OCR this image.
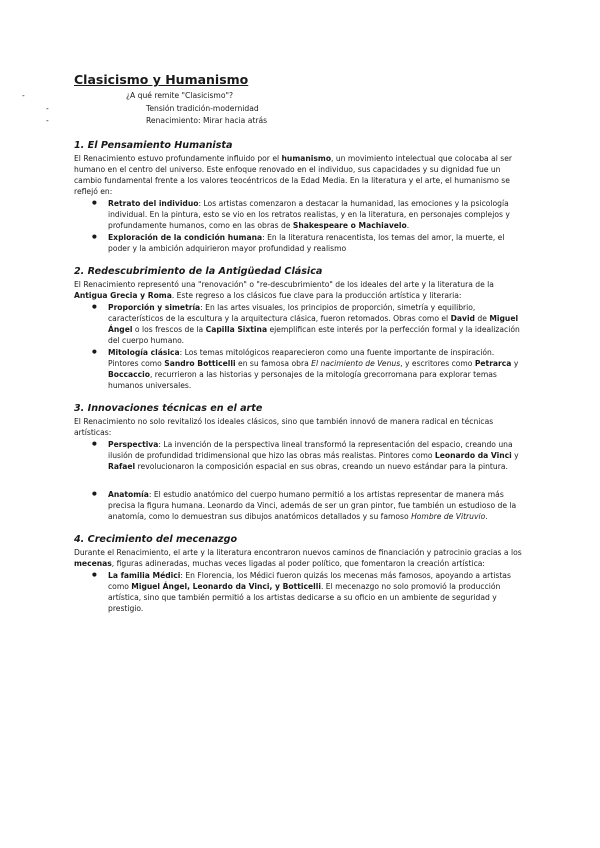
Clasicismo y Humanismo
-	¿A qué remite "Clasicismo"?
-	Tensión tradición-modernidad
-	Renacimiento: Mirar hacia atrás
1. El Pensamiento Humanista

El Renacimiento estuvo profundamente influido por el humanismo, un movimiento intelectual que colocaba al ser humano en el centro del universo. Este enfoque renovado en el individuo, sus capacidades y su dignidad fue un cambio fundamental frente a los valores teocéntricos de la Edad Media. En la literatura y el arte, el humanismo se reflejó en:

● Retrato del individuo: Los artistas comenzaron a destacar la humanidad, las emociones y la psicología individual. En la pintura, esto se vio en los retratos realistas, y en la literatura, en personajes complejos y profundamente humanos, como en las obras de Shakespeare o Machiavelo.
● Exploración de la condición humana: En la literatura renacentista, los temas del amor, la muerte, el poder y la ambición adquirieron mayor profundidad y realismo
2. Redescubrimiento de la Antigüedad Clásica

El Renacimiento representó una "renovación" o "re-descubrimiento" de los ideales del arte y la literatura de la Antigua Grecia y Roma. Este regreso a los clásicos fue clave para la producción artística y literaria:

● Proporción y simetría: En las artes visuales, los principios de proporción, simetría y equilibrio, característicos de la escultura y la arquitectura clásica, fueron retomados. Obras como el David de Miguel Ángel o los frescos de la Capilla Sixtina ejemplifican este interés por la perfección formal y la idealización del cuerpo humano.
● Mitología clásica: Los temas mitológicos reaparecieron como una fuente importante de inspiración. Pintores como Sandro Botticelli en su famosa obra El nacimiento de Venus, y escritores como Petrarca y Boccaccio, recurrieron a las historias y personajes de la mitología grecorromana para explorar temas humanos universales.
3. Innovaciones técnicas en el arte

El Renacimiento no solo revitalizó los ideales clásicos, sino que también innovó de manera radical en técnicas artísticas:

● Perspectiva: La invención de la perspectiva lineal transformó la representación del espacio, creando una ilusión de profundidad tridimensional que hizo las obras más realistas. Pintores como Leonardo da Vinci y Rafael revolucionaron la composición espacial en sus obras, creando un nuevo estándar para la pintura.
● Anatomía: El estudio anatómico del cuerpo humano permitió a los artistas representar de manera más precisa la figura humana. Leonardo da Vinci, además de ser un gran pintor, fue también un estudioso de la anatomía, como lo demuestran sus dibujos anatómicos detallados y su famoso Hombre de Vitruvio.
4. Crecimiento del mecenazgo

Durante el Renacimiento, el arte y la literatura encontraron nuevos caminos de financiación y patrocinio gracias a los mecenas, figuras adineradas, muchas veces ligadas al poder político, que fomentaron la creación artística:

● La familia Médici: En Florencia, los Médici fueron quizás los mecenas más famosos, apoyando a artistas como Miguel Ángel, Leonardo da Vinci, y Botticelli. El mecenazgo no solo promovió la producción artística, sino que también permitió a los artistas dedicarse a su oficio en un ambiente de seguridad y prestigio.
